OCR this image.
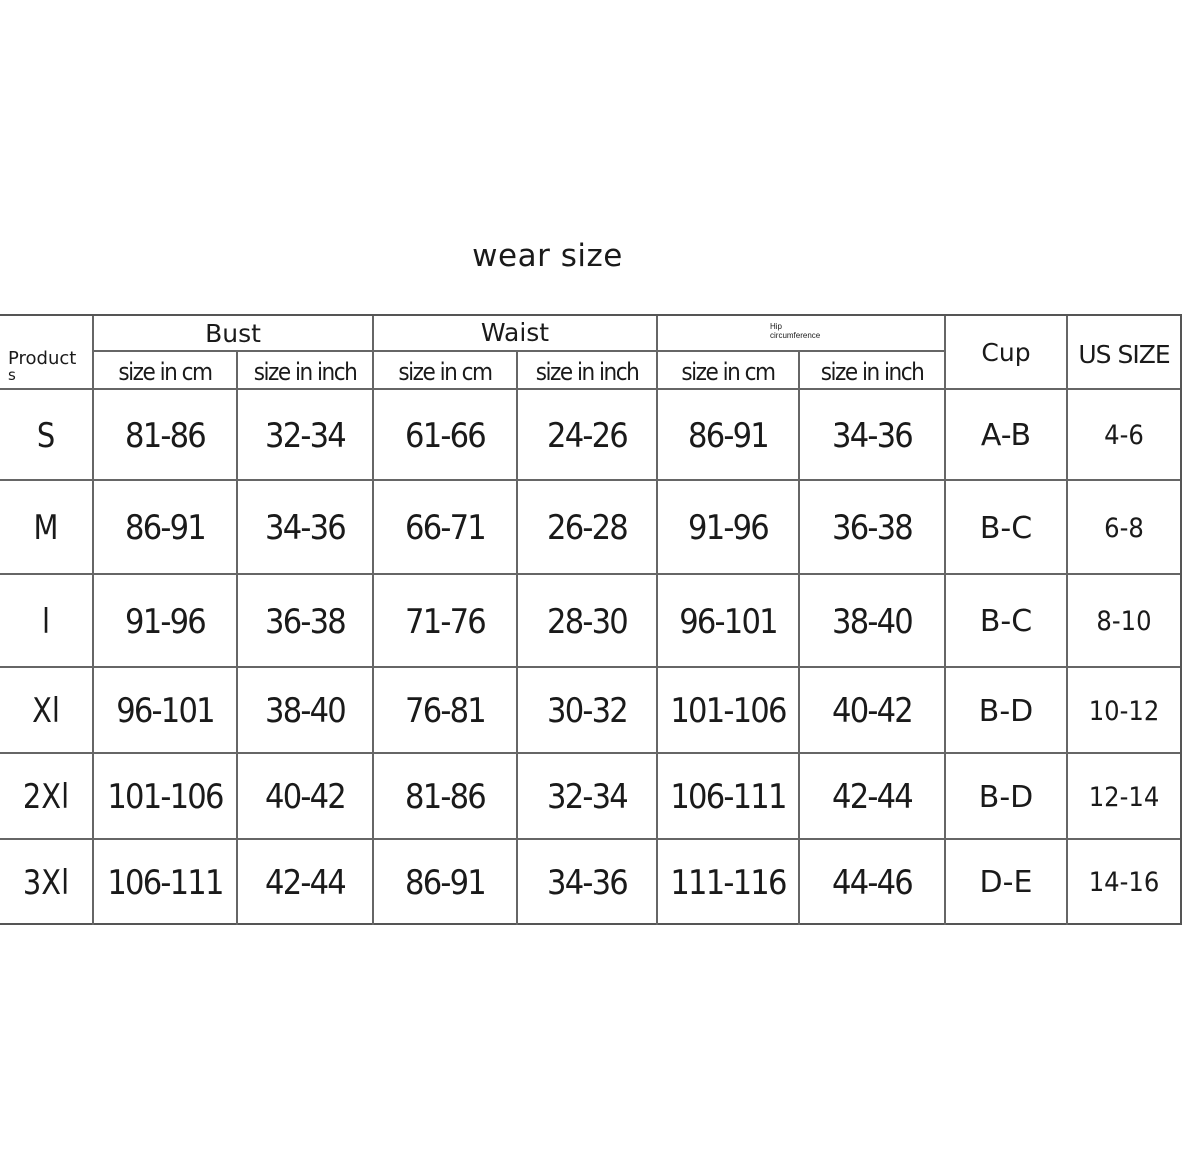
wear size
Product
s
Bust	Waist	Hip
circumference
Cup	US SIZE
size in cm	size in inch	size in cm	size in inch	size in cm	size in inch
S	81-86	32-34	61-66	24-26	86-91	34-36	A-B	4-6
M	86-91	34-36	66-71	26-28	91-96	36-38	B-C	6-8
l	91-96	36-38	71-76	28-30	96-101	38-40	B-C	8-10
Xl	96-101	38-40	76-81	30-32	101-106	40-42	B-D	10-12
2Xl	101-106	40-42	81-86	32-34	106-111	42-44	B-D	12-14
3Xl	106-111	42-44	86-91	34-36	111-116	44-46	D-E	14-16
